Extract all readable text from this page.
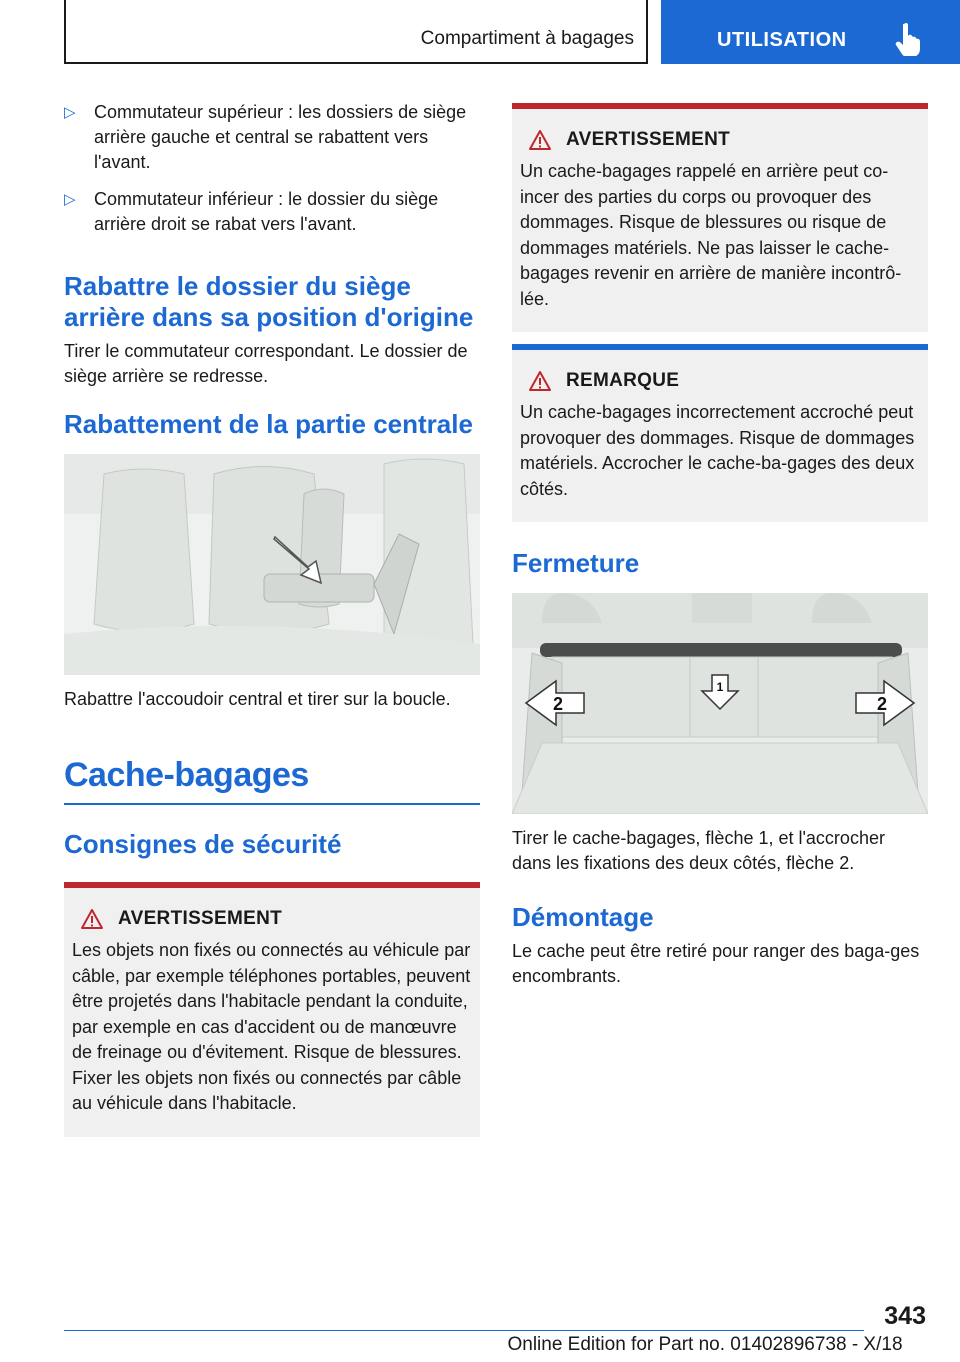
Compartiment à bagages	UTILISATION
▷ Commutateur supérieur : les dossiers de siège arrière gauche et central se rabattent vers l'avant.
▷ Commutateur inférieur : le dossier du siège arrière droit se rabat vers l'avant.
Rabattre le dossier du siège arrière dans sa position d'origine

Tirer le commutateur correspondant. Le dossier de siège arrière se redresse.

Rabattement de la partie centrale

Rabattre l'accoudoir central et tirer sur la boucle.

Cache-bagages
Consignes de sécurité
AVERTISSEMENT
Les objets non fixés ou connectés au véhicule par câble, par exemple téléphones portables, peuvent être projetés dans l'habitacle pendant la conduite, par exemple en cas d'accident ou de manœuvre de freinage ou d'évitement. Risque de blessures. Fixer les objets non fixés ou connectés par câble au véhicule dans l'habitacle.
AVERTISSEMENT
Un cache-bagages rappelé en arrière peut co-incer des parties du corps ou provoquer des dommages. Risque de blessures ou risque de dommages matériels. Ne pas laisser le cache-bagages revenir en arrière de manière incontrô-lée.
REMARQUE
Un cache-bagages incorrectement accroché peut provoquer des dommages. Risque de dommages matériels. Accrocher le cache-ba-gages des deux côtés.
Fermeture
1
2	2

Tirer le cache-bagages, flèche 1, et l'accrocher dans les fixations des deux côtés, flèche 2.

Démontage

Le cache peut être retiré pour ranger des baga-ges encombrants.

343
Online Edition for Part no. 01402896738 - X/18
